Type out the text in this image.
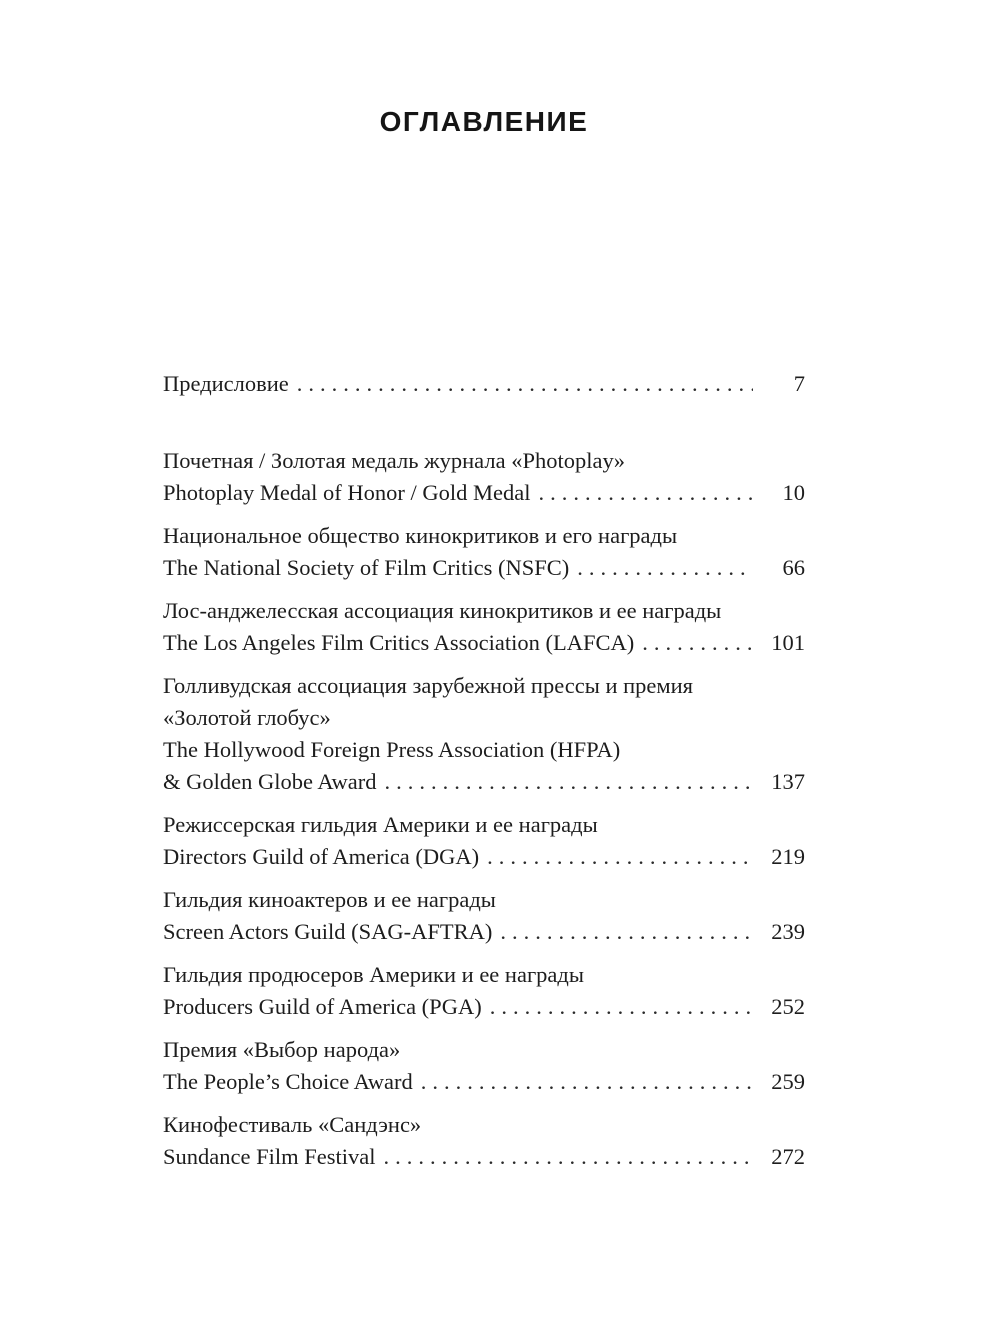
ОГЛАВЛЕНИЕ
Предисловие .....	7
Почетная / Золотая медаль журнала «Photoplay»
Photoplay Medal of Honor / Gold Medal .....	10
Национальное общество кинокритиков и его награды
The National Society of Film Critics (NSFC) .....	66
Лос-анджелесская ассоциация кинокритиков и ее награды
The Los Angeles Film Critics Association (LAFCA) .....	101
Голливудская ассоциация зарубежной прессы и премия
«Золотой глобус»
The Hollywood Foreign Press Association (HFPA)
& Golden Globe Award .....	137
Режиссерская гильдия Америки и ее награды
Directors Guild of America (DGA) .....	219
Гильдия киноактеров и ее награды
Screen Actors Guild (SAG-AFTRA) .....	239
Гильдия продюсеров Америки и ее награды
Producers Guild of America (PGA) .....	252
Премия «Выбор народа»
The People’s Choice Award .....	259
Кинофестиваль «Сандэнс»
Sundance Film Festival .....	272
